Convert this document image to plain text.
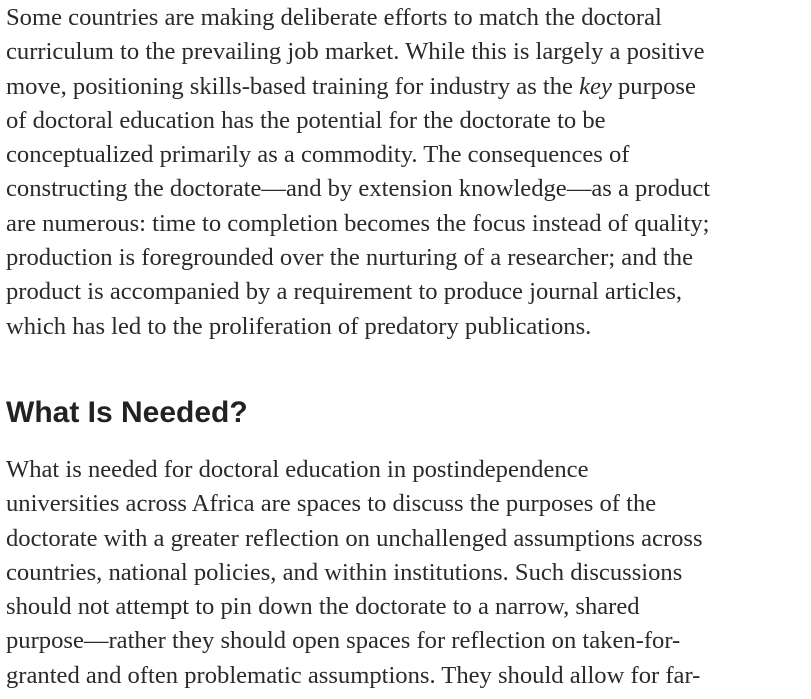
Some countries are making deliberate efforts to match the doctoral
curriculum to the prevailing job market. While this is largely a positive
move, positioning skills-based training for industry as the key purpose
of doctoral education has the potential for the doctorate to be
conceptualized primarily as a commodity. The consequences of
constructing the doctorate—and by extension knowledge—as a product
are numerous: time to completion becomes the focus instead of quality;
production is foregrounded over the nurturing of a researcher; and the
product is accompanied by a requirement to produce journal articles,
which has led to the proliferation of predatory publications.

What Is Needed?

What is needed for doctoral education in postindependence
universities across Africa are spaces to discuss the purposes of the
doctorate with a greater reflection on unchallenged assumptions across
countries, national policies, and within institutions. Such discussions
should not attempt to pin down the doctorate to a narrow, shared
purpose—rather they should open spaces for reflection on taken-for-
granted and often problematic assumptions. They should allow for far-
